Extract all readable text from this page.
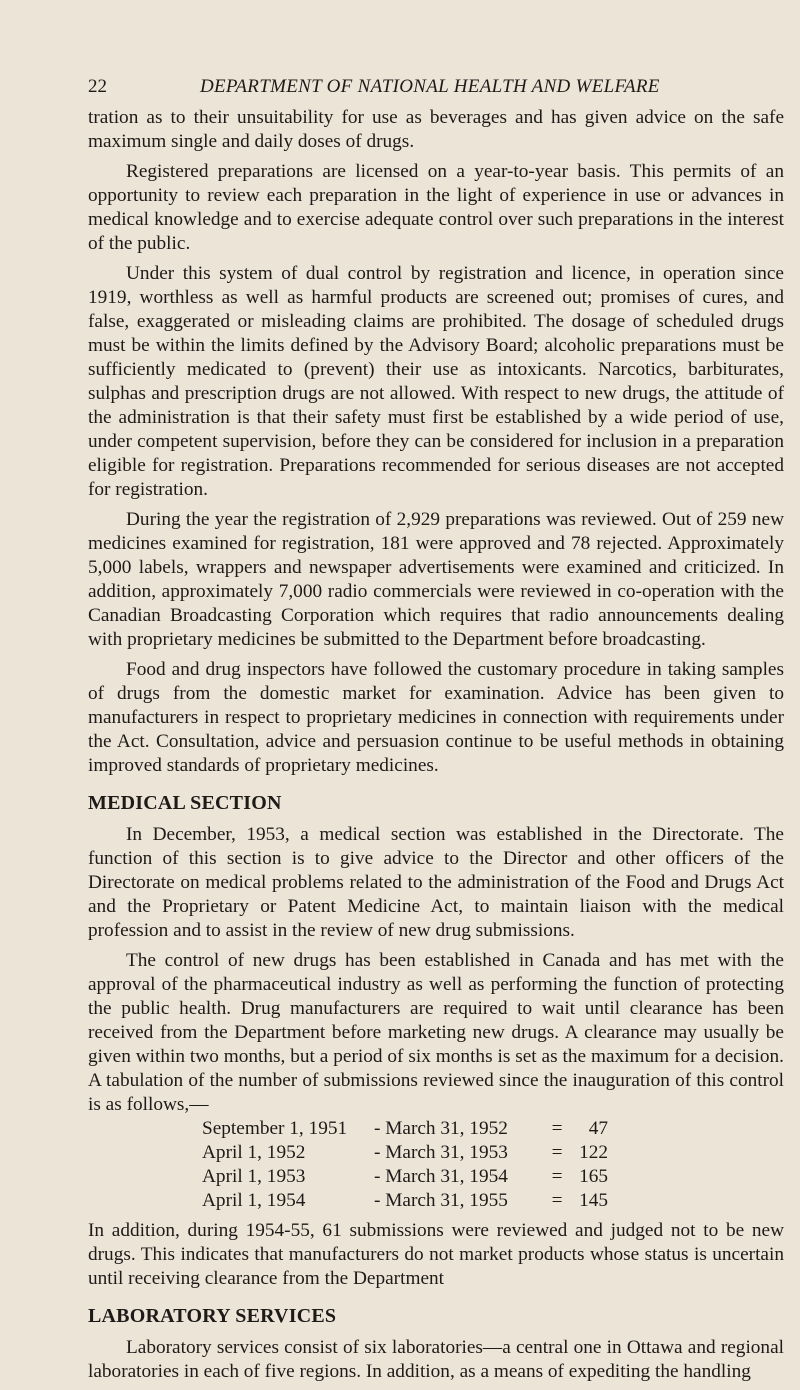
22	DEPARTMENT OF NATIONAL HEALTH AND WELFARE

tration as to their unsuitability for use as beverages and has given advice on the safe maximum single and daily doses of drugs.

Registered preparations are licensed on a year-to-year basis. This permits of an opportunity to review each preparation in the light of experience in use or advances in medical knowledge and to exercise adequate control over such preparations in the interest of the public.

Under this system of dual control by registration and licence, in operation since 1919, worthless as well as harmful products are screened out; promises of cures, and false, exaggerated or misleading claims are prohibited. The dosage of scheduled drugs must be within the limits defined by the Advisory Board; alcoholic preparations must be sufficiently medicated to (prevent) their use as intoxicants. Narcotics, barbiturates, sulphas and prescription drugs are not allowed. With respect to new drugs, the attitude of the administration is that their safety must first be established by a wide period of use, under competent supervision, before they can be considered for inclusion in a preparation eligible for registration. Preparations recommended for serious diseases are not accepted for registration.

During the year the registration of 2,929 preparations was reviewed. Out of 259 new medicines examined for registration, 181 were approved and 78 rejected. Approximately 5,000 labels, wrappers and newspaper advertisements were examined and criticized. In addition, approximately 7,000 radio commercials were reviewed in co-operation with the Canadian Broadcasting Corporation which requires that radio announcements dealing with proprietary medicines be submitted to the Department before broadcasting.

Food and drug inspectors have followed the customary procedure in taking samples of drugs from the domestic market for examination. Advice has been given to manufacturers in respect to proprietary medicines in connection with requirements under the Act. Consultation, advice and persuasion continue to be useful methods in obtaining improved standards of proprietary medicines.

MEDICAL SECTION

In December, 1953, a medical section was established in the Directorate. The function of this section is to give advice to the Director and other officers of the Directorate on medical problems related to the administration of the Food and Drugs Act and the Proprietary or Patent Medicine Act, to maintain liaison with the medical profession and to assist in the review of new drug submissions.

The control of new drugs has been established in Canada and has met with the approval of the pharmaceutical industry as well as performing the function of protecting the public health. Drug manufacturers are required to wait until clearance has been received from the Department before marketing new drugs. A clearance may usually be given within two months, but a period of six months is set as the maximum for a decision. A tabulation of the number of submissions reviewed since the inauguration of this control is as follows,—

September 1, 1951	- March 31, 1952	=	47
April 1, 1952	- March 31, 1953	= 122
April 1, 1953	- March 31, 1954	= 165
April 1, 1954	- March 31, 1955	= 145

In addition, during 1954-55, 61 submissions were reviewed and judged not to be new drugs. This indicates that manufacturers do not market products whose status is uncertain until receiving clearance from the Department

LABORATORY SERVICES

Laboratory services consist of six laboratories—a central one in Ottawa and regional laboratories in each of five regions. In addition, as a means of expediting the handling
